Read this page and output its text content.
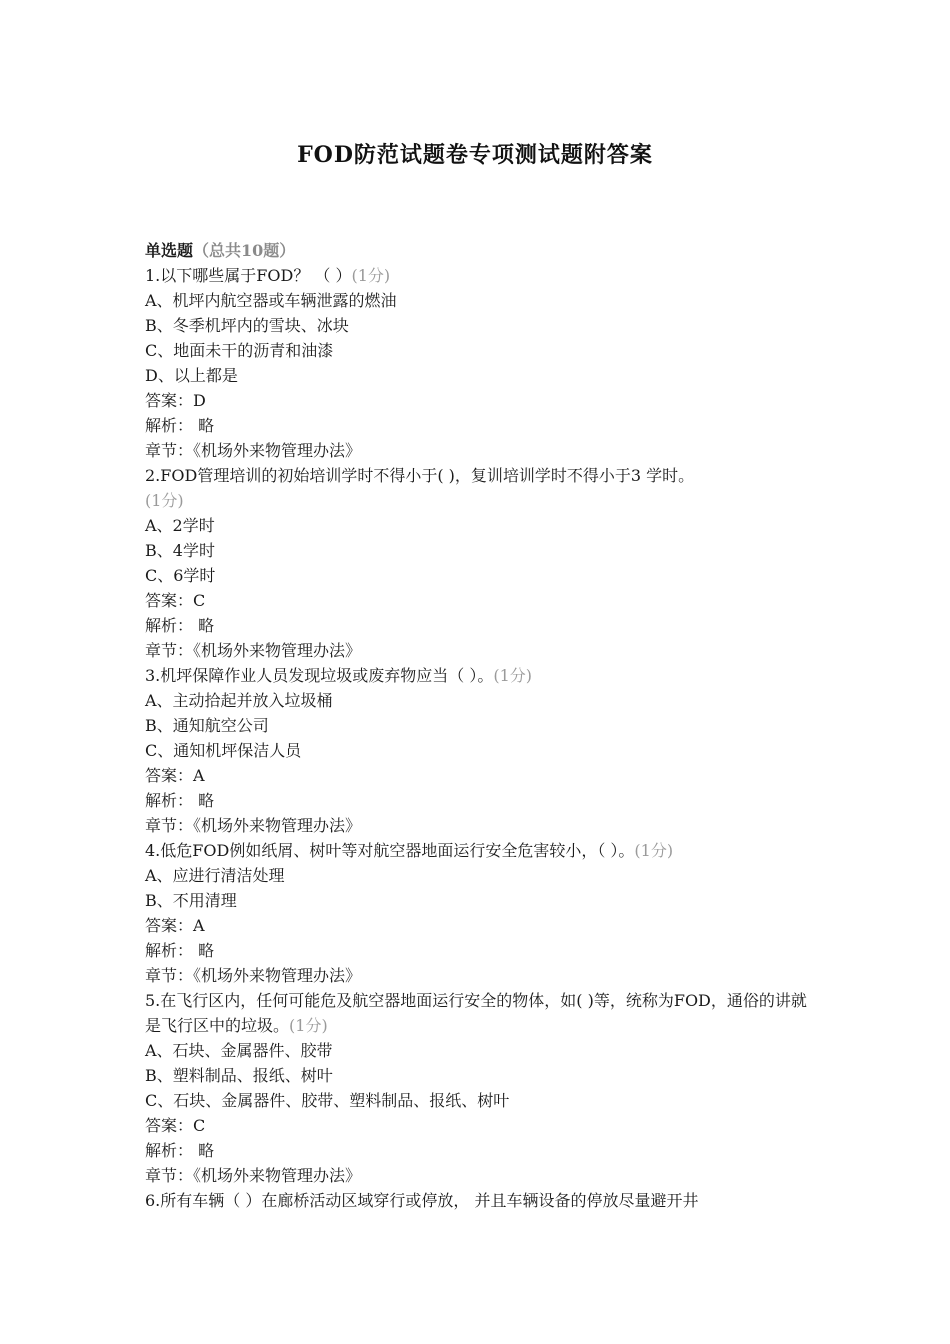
FOD防范试题卷专项测试题附答案
单选题（总共10题）
1.以下哪些属于FOD？ （ ）(1分)
A、机坪内航空器或车辆泄露的燃油
B、冬季机坪内的雪块、冰块
C、地面未干的沥青和油漆
D、以上都是
答案：D
解析： 略
章节：《机场外来物管理办法》
2.FOD管理培训的初始培训学时不得小于( )，复训培训学时不得小于3 学时。
(1分)
A、2学时
B、4学时
C、6学时
答案：C
解析： 略
章节：《机场外来物管理办法》
3.机坪保障作业人员发现垃圾或废弃物应当（ ）。(1分)
A、主动拾起并放入垃圾桶
B、通知航空公司
C、通知机坪保洁人员
答案：A
解析： 略
章节：《机场外来物管理办法》
4.低危FOD例如纸屑、树叶等对航空器地面运行安全危害较小，（ ）。(1分)
A、应进行清洁处理
B、不用清理
答案：A
解析： 略
章节：《机场外来物管理办法》
5.在飞行区内，任何可能危及航空器地面运行安全的物体，如( )等，统称为FOD，通俗的讲就是飞行区中的垃圾。(1分)
A、石块、金属器件、胶带
B、塑料制品、报纸、树叶
C、石块、金属器件、胶带、塑料制品、报纸、树叶
答案：C
解析： 略
章节：《机场外来物管理办法》
6.所有车辆（ ）在廊桥活动区域穿行或停放， 并且车辆设备的停放尽量避开井
